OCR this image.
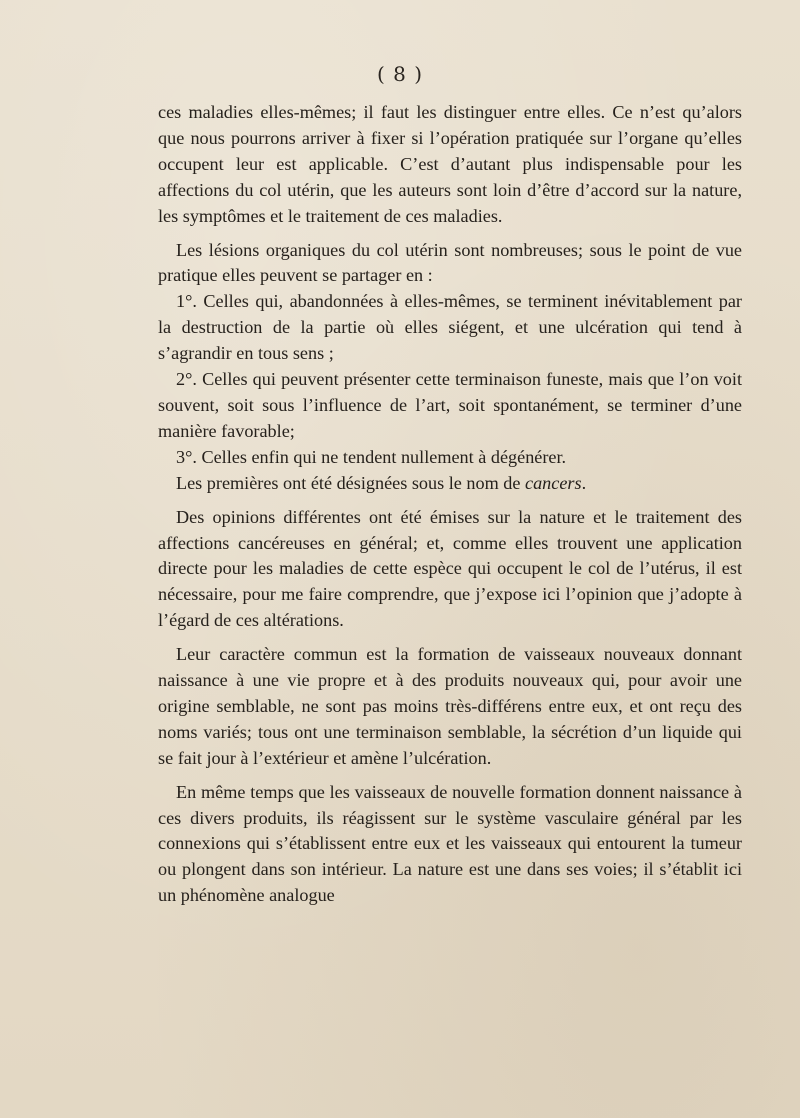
( 8 )

ces maladies elles-mêmes; il faut les distinguer entre elles. Ce n’est qu’alors que nous pourrons arriver à fixer si l’opération pratiquée sur l’organe qu’elles occupent leur est applicable. C’est d’autant plus indispensable pour les affections du col utérin, que les auteurs sont loin d’être d’accord sur la nature, les symptômes et le traitement de ces maladies.

Les lésions organiques du col utérin sont nombreuses; sous le point de vue pratique elles peuvent se partager en :

1°. Celles qui, abandonnées à elles-mêmes, se terminent inévitablement par la destruction de la partie où elles siégent, et une ulcération qui tend à s’agrandir en tous sens ;

2°. Celles qui peuvent présenter cette terminaison funeste, mais que l’on voit souvent, soit sous l’influence de l’art, soit spontanément, se terminer d’une manière favorable;

3°. Celles enfin qui ne tendent nullement à dégénérer.

Les premières ont été désignées sous le nom de cancers.

Des opinions différentes ont été émises sur la nature et le traitement des affections cancéreuses en général; et, comme elles trouvent une application directe pour les maladies de cette espèce qui occupent le col de l’utérus, il est nécessaire, pour me faire comprendre, que j’expose ici l’opinion que j’adopte à l’égard de ces altérations.

Leur caractère commun est la formation de vaisseaux nouveaux donnant naissance à une vie propre et à des produits nouveaux qui, pour avoir une origine semblable, ne sont pas moins très-différens entre eux, et ont reçu des noms variés; tous ont une terminaison semblable, la sécrétion d’un liquide qui se fait jour à l’extérieur et amène l’ulcération.

En même temps que les vaisseaux de nouvelle formation donnent naissance à ces divers produits, ils réagissent sur le système vasculaire général par les connexions qui s’établissent entre eux et les vaisseaux qui entourent la tumeur ou plongent dans son intérieur. La nature est une dans ses voies; il s’établit ici un phénomène analogue
